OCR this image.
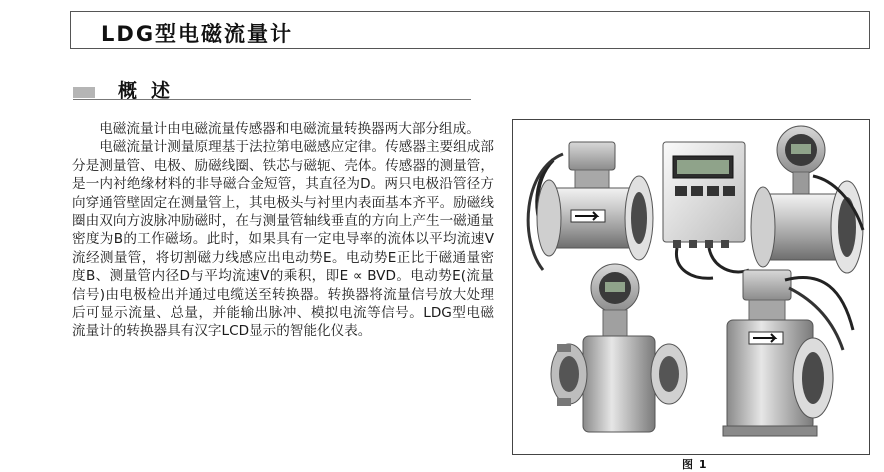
LDG型电磁流量计
概述

电磁流量计由电磁流量传感器和电磁流量转换器两大部分组成。

电磁流量计测量原理基于法拉第电磁感应定律。传感器主要组成部分是测量管、电极、励磁线圈、铁芯与磁轭、壳体。传感器的测量管，是一内衬绝缘材料的非导磁合金短管，其直径为D。两只电极沿管径方向穿通管壁固定在测量管上，其电极头与衬里内表面基本齐平。励磁线圈由双向方波脉冲励磁时，在与测量管轴线垂直的方向上产生一磁通量密度为B的工作磁场。此时，如果具有一定电导率的流体以平均流速V流经测量管，将切割磁力线感应出电动势E。电动势E正比于磁通量密度B、测量管内径D与平均流速V的乘积，即E ∝ BVD。电动势E(流量信号)由电极检出并通过电缆送至转换器。转换器将流量信号放大处理后可显示流量、总量，并能输出脉冲、模拟电流等信号。LDG型电磁流量计的转换器具有汉字LCD显示的智能化仪表。

图 1
